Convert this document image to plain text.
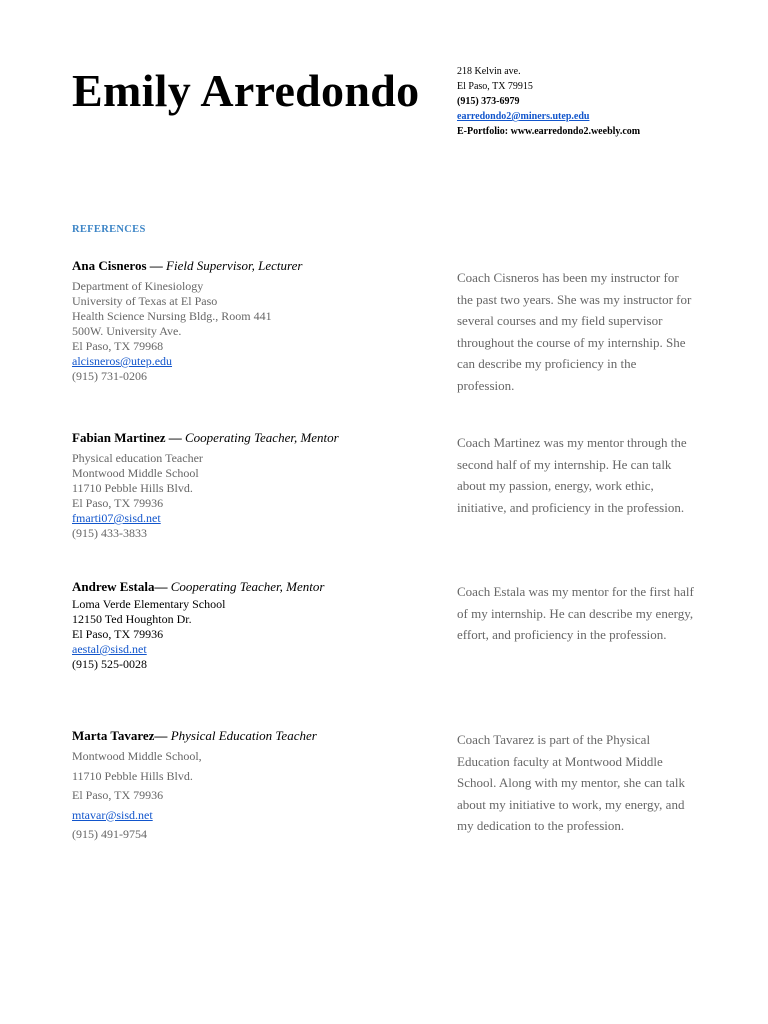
Emily Arredondo	218 Kelvin ave.
El Paso, TX 79915
(915) 373-6979
earredondo2@miners.utep.edu
E-Portfolio: www.earredondo2.weebly.com
REFERENCES
Ana Cisneros — Field Supervisor, Lecturer
Department of Kinesiology
University of Texas at El Paso
Health Science Nursing Bldg., Room 441
500W. University Ave.
El Paso, TX 79968
alcisneros@utep.edu
(915) 731-0206
Coach Cisneros has been my instructor for the past two years. She was my instructor for several courses and my field supervisor throughout the course of my internship. She can describe my proficiency in the profession.
Fabian Martinez — Cooperating Teacher, Mentor
Physical education Teacher
Montwood Middle School
11710 Pebble Hills Blvd.
El Paso, TX 79936
fmarti07@sisd.net
(915) 433-3833
Coach Martinez was my mentor through the second half of my internship. He can talk about my passion, energy, work ethic, initiative, and proficiency in the profession.
Andrew Estala— Cooperating Teacher, Mentor
Loma Verde Elementary School
12150 Ted Houghton Dr.
El Paso, TX 79936
aestal@sisd.net
(915) 525-0028
Coach Estala was my mentor for the first half of my internship. He can describe my energy, effort, and proficiency in the profession.
Marta Tavarez— Physical Education Teacher
Montwood Middle School,
11710 Pebble Hills Blvd.
El Paso, TX 79936
mtavar@sisd.net
(915) 491-9754
Coach Tavarez is part of the Physical Education faculty at Montwood Middle School. Along with my mentor, she can talk about my initiative to work, my energy, and my dedication to the profession.
